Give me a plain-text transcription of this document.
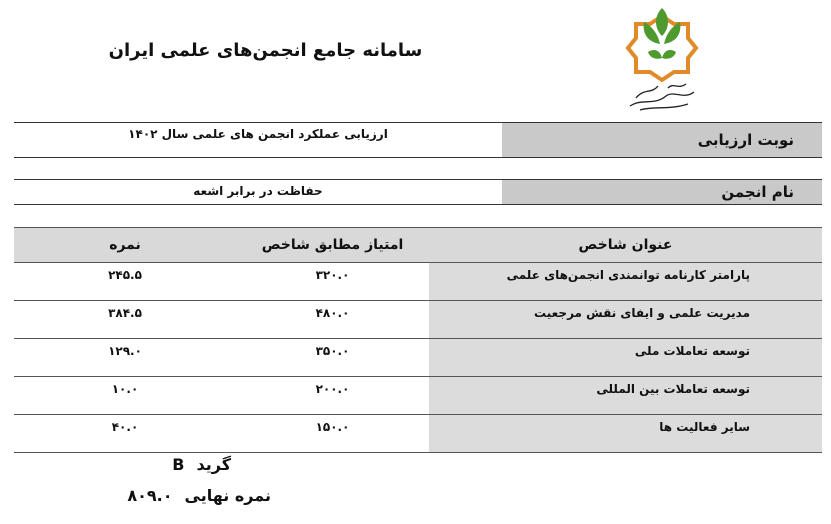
سامانه جامع انجمن‌های علمی ایران
نوبت ارزیابی
ارزیابی عملکرد انجمن های علمی سال ۱۴۰۲
نام انجمن
حفاظت در برابر اشعه
عنوان شاخص	امتیاز مطابق شاخص	نمره
پارامتر کارنامه توانمندی انجمن‌های علمی	۳۲۰.۰	۲۴۵.۵
مدیریت علمی و ایفای نقش مرجعیت	۴۸۰.۰	۳۸۴.۵
توسعه تعاملات ملی	۳۵۰.۰	۱۲۹.۰
توسعه تعاملات بین المللی	۲۰۰.۰	۱۰.۰
سایر فعالیت ها	۱۵۰.۰	۴۰.۰
گرید
B
نمره نهایی
۸۰۹.۰
